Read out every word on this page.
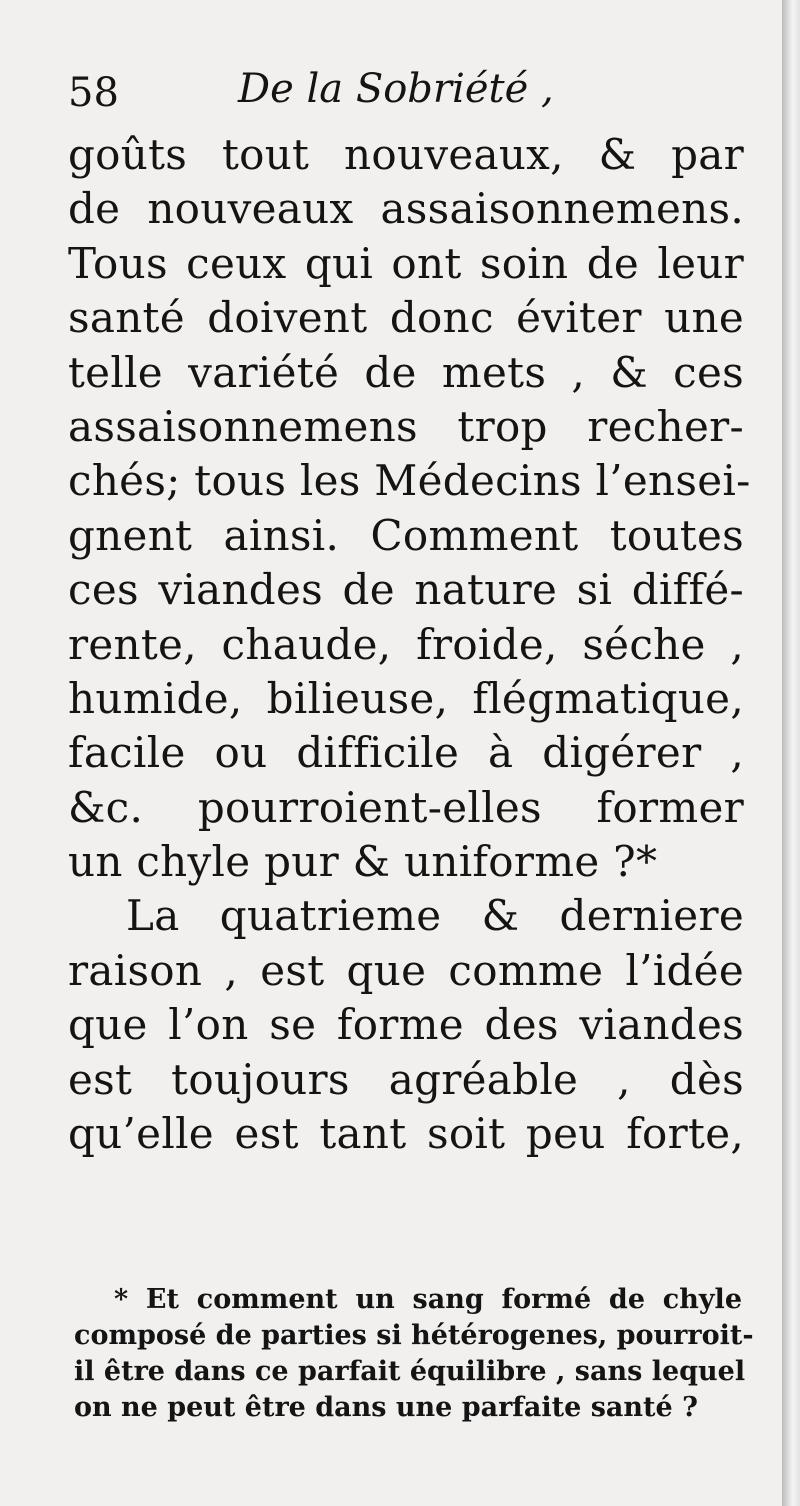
58	De la Sobriété ,
goûts tout nouveaux, & par
de nouveaux assaisonnemens.
Tous ceux qui ont soin de leur
santé doivent donc éviter une
telle variété de mets , & ces
assaisonnemens trop recher-
chés; tous les Médecins l’ensei-
gnent ainsi. Comment toutes
ces viandes de nature si diffé-
rente, chaude, froide, séche ,
humide, bilieuse, flégmatique,
facile ou difficile à digérer ,
&c. pourroient-elles former
un chyle pur & uniforme ?*
La quatrieme & derniere
raison , est que comme l’idée
que l’on se forme des viandes
est toujours agréable , dès
qu’elle est tant soit peu forte,
* Et comment un sang formé de chyle
composé de parties si hétérogenes, pourroit-
il être dans ce parfait équilibre , sans lequel
on ne peut être dans une parfaite santé ?
